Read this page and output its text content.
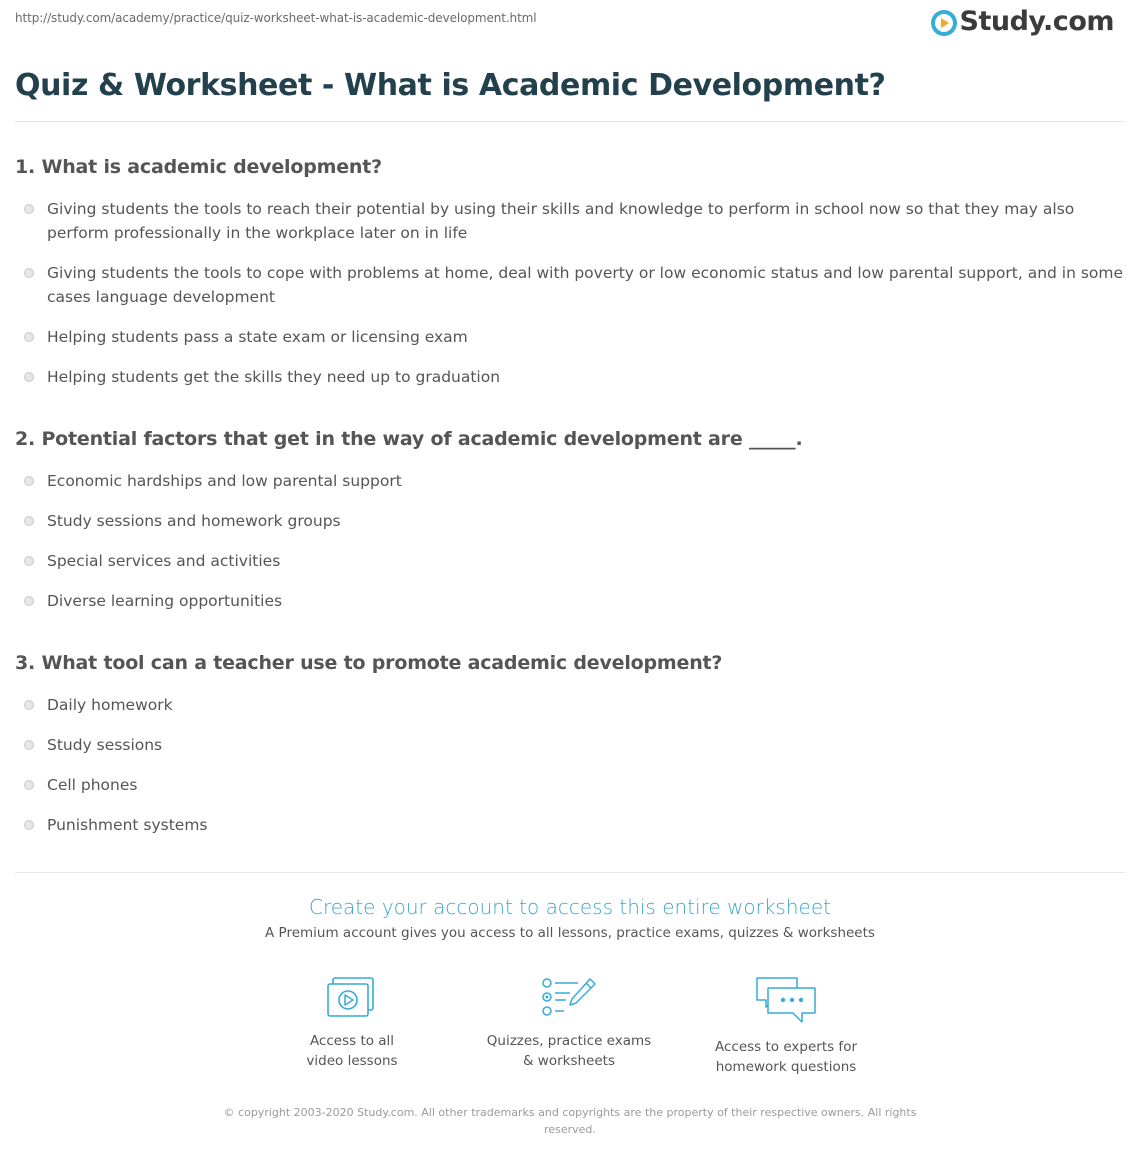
http://study.com/academy/practice/quiz-worksheet-what-is-academic-development.html	Study.com
Quiz & Worksheet - What is Academic Development?

1. What is academic development?

Giving students the tools to reach their potential by using their skills and knowledge to perform in school now so that they may also perform professionally in the workplace later on in life
Giving students the tools to cope with problems at home, deal with poverty or low economic status and low parental support, and in some cases language development
Helping students pass a state exam or licensing exam
Helping students get the skills they need up to graduation

2. Potential factors that get in the way of academic development are _____.

Economic hardships and low parental support
Study sessions and homework groups
Special services and activities
Diverse learning opportunities

3. What tool can a teacher use to promote academic development?

Daily homework
Study sessions
Cell phones
Punishment systems
Create your account to access this entire worksheet
A Premium account gives you access to all lessons, practice exams, quizzes & worksheets
Access to all
video lessons
Quizzes, practice exams
& worksheets
Access to experts for
homework questions
© copyright 2003-2020 Study.com. All other trademarks and copyrights are the property of their respective owners. All rights reserved.
